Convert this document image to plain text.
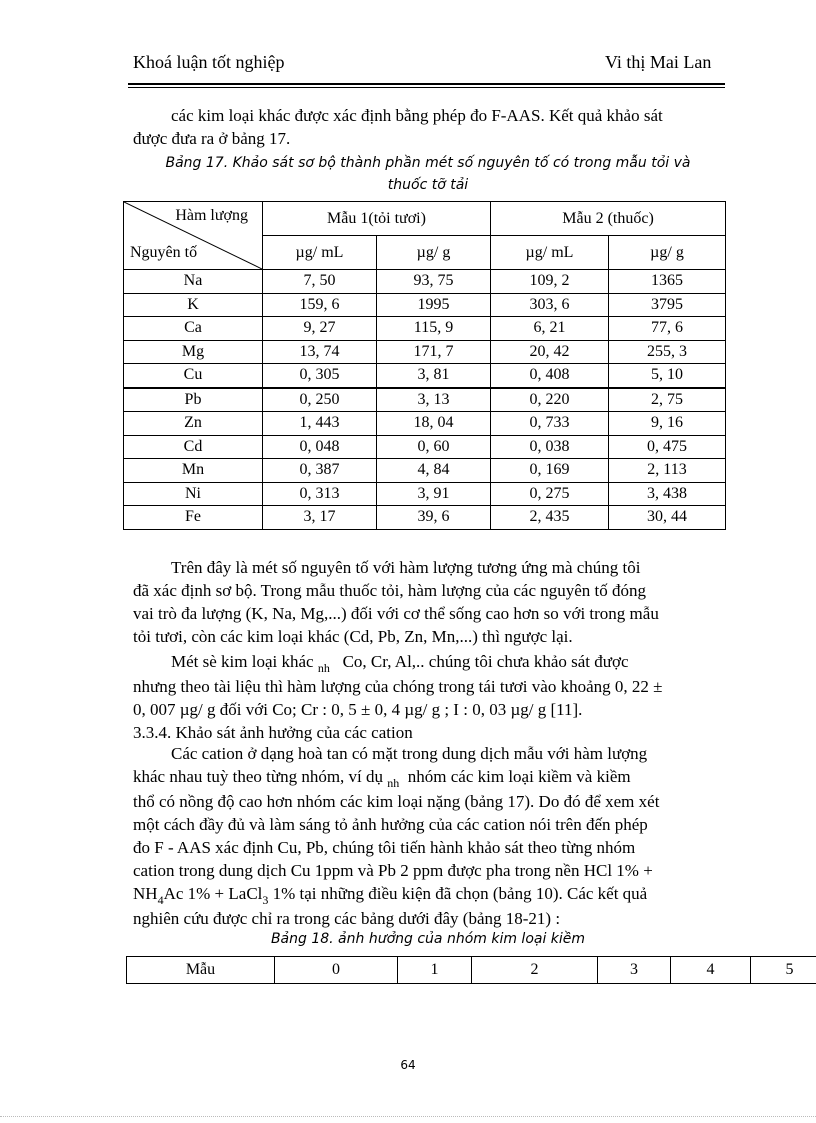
Khoá luận tốt nghiệp	Vi thị Mai Lan

các kim loại khác được xác định bằng phép đo F-AAS. Kết quả khảo sát
được đưa ra ở bảng 17.

Bảng 17. Khảo sát sơ bộ thành phần mét số nguyên tố có trong mẫu tỏi và
thuốc tỡ tải
Hàm lượng
Nguyên tố	Mẫu 1(tỏi tươi)		Mẫu 2 (thuốc)	
	µg/ mL	µg/ g	µg/ mL	µg/ g
Na	7, 50	93, 75	109, 2	1365
K	159, 6	1995	303, 6	3795
Ca	9, 27	115, 9	6, 21	77, 6
Mg	13, 74	171, 7	20, 42	255, 3
Cu	0, 305	3, 81	0, 408	5, 10
Pb	0, 250	3, 13	0, 220	2, 75
Zn	1, 443	18, 04	0, 733	9, 16
Cd	0, 048	0, 60	0, 038	0, 475
Mn	0, 387	4, 84	0, 169	2, 113
Ni	0, 313	3, 91	0, 275	3, 438
Fe	3, 17	39, 6	2, 435	30, 44

Trên đây là mét số nguyên tố với hàm lượng tương ứng mà chúng tôi
đã xác định sơ bộ. Trong mẫu thuốc tỏi, hàm lượng của các nguyên tố đóng
vai trò đa lượng (K, Na, Mg,...) đối với cơ thể sống cao hơn so với trong mẫu
tỏi tươi, còn các kim loại khác (Cd, Pb, Zn, Mn,...) thì ngược lại.

Mét sè kim loại khác $_{nh}$ Co, Cr, Al,.. chúng tôi chưa khảo sát được
nhưng theo tài liệu thì hàm lượng của chóng trong tái tươi vào khoảng 0, 22 ±
0, 007 µg/ g đối với Co; Cr : 0, 5 ± 0, 4 µg/ g ; I : 0, 03 µg/ g [11].
3.3.4. Khảo sát ảnh hưởng của các cation

Các cation ở dạng hoà tan có mặt trong dung dịch mẫu với hàm lượng
khác nhau tuỳ theo từng nhóm, ví dụ $_{nh}$ nhóm các kim loại kiềm và kiềm
thổ có nồng độ cao hơn nhóm các kim loại nặng (bảng 17). Do đó để xem xét
một cách đầy đủ và làm sáng tỏ ảnh hưởng của các cation nói trên đến phép
đo F - AAS xác định Cu, Pb, chúng tôi tiến hành khảo sát theo từng nhóm
cation trong dung dịch Cu 1ppm và Pb 2 ppm được pha trong nền HCl 1% +
$NH_4Ac$ 1% + LaCl$_3$ 1% tại những điều kiện đã chọn (bảng 10). Các kết quả
nghiên cứu được chỉ ra trong các bảng dưới đây (bảng 18-21) :

Bảng 18. ảnh hưởng của nhóm kim loại kiềm
Mẫu	0	1	2	3	4	5
64
